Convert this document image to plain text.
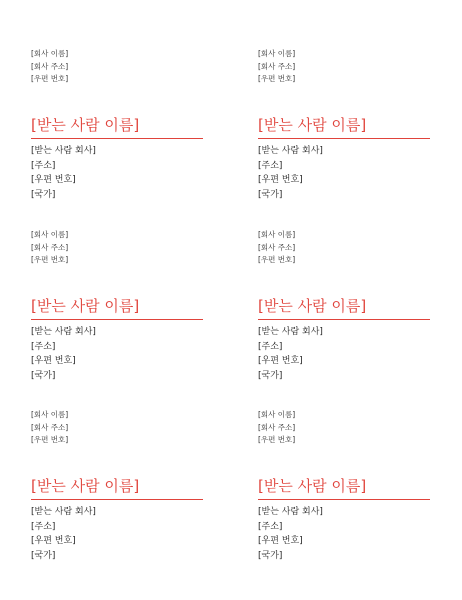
[회사 이름]
[회사 주소]
[우편 번호]
[받는 사람 이름]
[받는 사람 회사]
[주소]
[우편 번호]
[국가]
[회사 이름]
[회사 주소]
[우편 번호]
[받는 사람 이름]
[받는 사람 회사]
[주소]
[우편 번호]
[국가]
[회사 이름]
[회사 주소]
[우편 번호]
[받는 사람 이름]
[받는 사람 회사]
[주소]
[우편 번호]
[국가]
[회사 이름]
[회사 주소]
[우편 번호]
[받는 사람 이름]
[받는 사람 회사]
[주소]
[우편 번호]
[국가]
[회사 이름]
[회사 주소]
[우편 번호]
[받는 사람 이름]
[받는 사람 회사]
[주소]
[우편 번호]
[국가]
[회사 이름]
[회사 주소]
[우편 번호]
[받는 사람 이름]
[받는 사람 회사]
[주소]
[우편 번호]
[국가]
